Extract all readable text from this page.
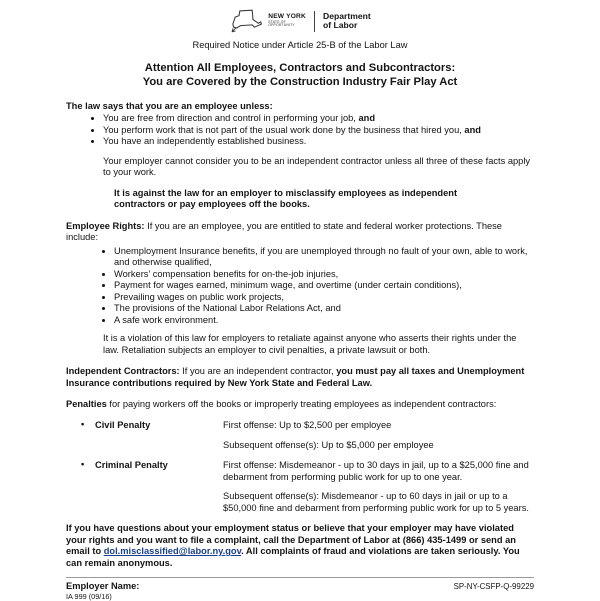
NEW YORK
STATE OF
OPPORTUNITY
Department
of Labor

Required Notice under Article 25-B of the Labor Law

Attention All Employees, Contractors and Subcontractors:
You are Covered by the Construction Industry Fair Play Act

The law says that you are an employee unless:

• You are free from direction and control in performing your job, and
• You perform work that is not part of the usual work done by the business that hired you, and
• You have an independently established business.

Your employer cannot consider you to be an independent contractor unless all three of these facts apply to your work.

It is against the law for an employer to misclassify employees as independent contractors or pay employees off the books.

Employee Rights: If you are an employee, you are entitled to state and federal worker protections. These include:

• Unemployment Insurance benefits, if you are unemployed through no fault of your own, able to work, and otherwise qualified,
• Workers’ compensation benefits for on-the-job injuries,
• Payment for wages earned, minimum wage, and overtime (under certain conditions),
• Prevailing wages on public work projects,
• The provisions of the National Labor Relations Act, and
• A safe work environment.

It is a violation of this law for employers to retaliate against anyone who asserts their rights under the law. Retaliation subjects an employer to civil penalties, a private lawsuit or both.

Independent Contractors: If you are an independent contractor, you must pay all taxes and Unemployment Insurance contributions required by New York State and Federal Law.

Penalties for paying workers off the books or improperly treating employees as independent contractors:

• Civil Penalty	First offense: Up to $2,500 per employee

Subsequent offense(s): Up to $5,000 per employee

• Criminal Penalty	First offense: Misdemeanor - up to 30 days in jail, up to a $25,000 fine and debarment from performing public work for up to one year.

Subsequent offense(s): Misdemeanor - up to 60 days in jail or up to a $50,000 fine and debarment from performing public work for up to 5 years.

If you have questions about your employment status or believe that your employer may have violated your rights and you want to file a complaint, call the Department of Labor at (866) 435-1499 or send an email to dol.misclassified@labor.ny.gov. All complaints of fraud and violations are taken seriously. You can remain anonymous.

Employer Name:
IA 999 (09/16)
SP-NY-CSFP-Q-99229
